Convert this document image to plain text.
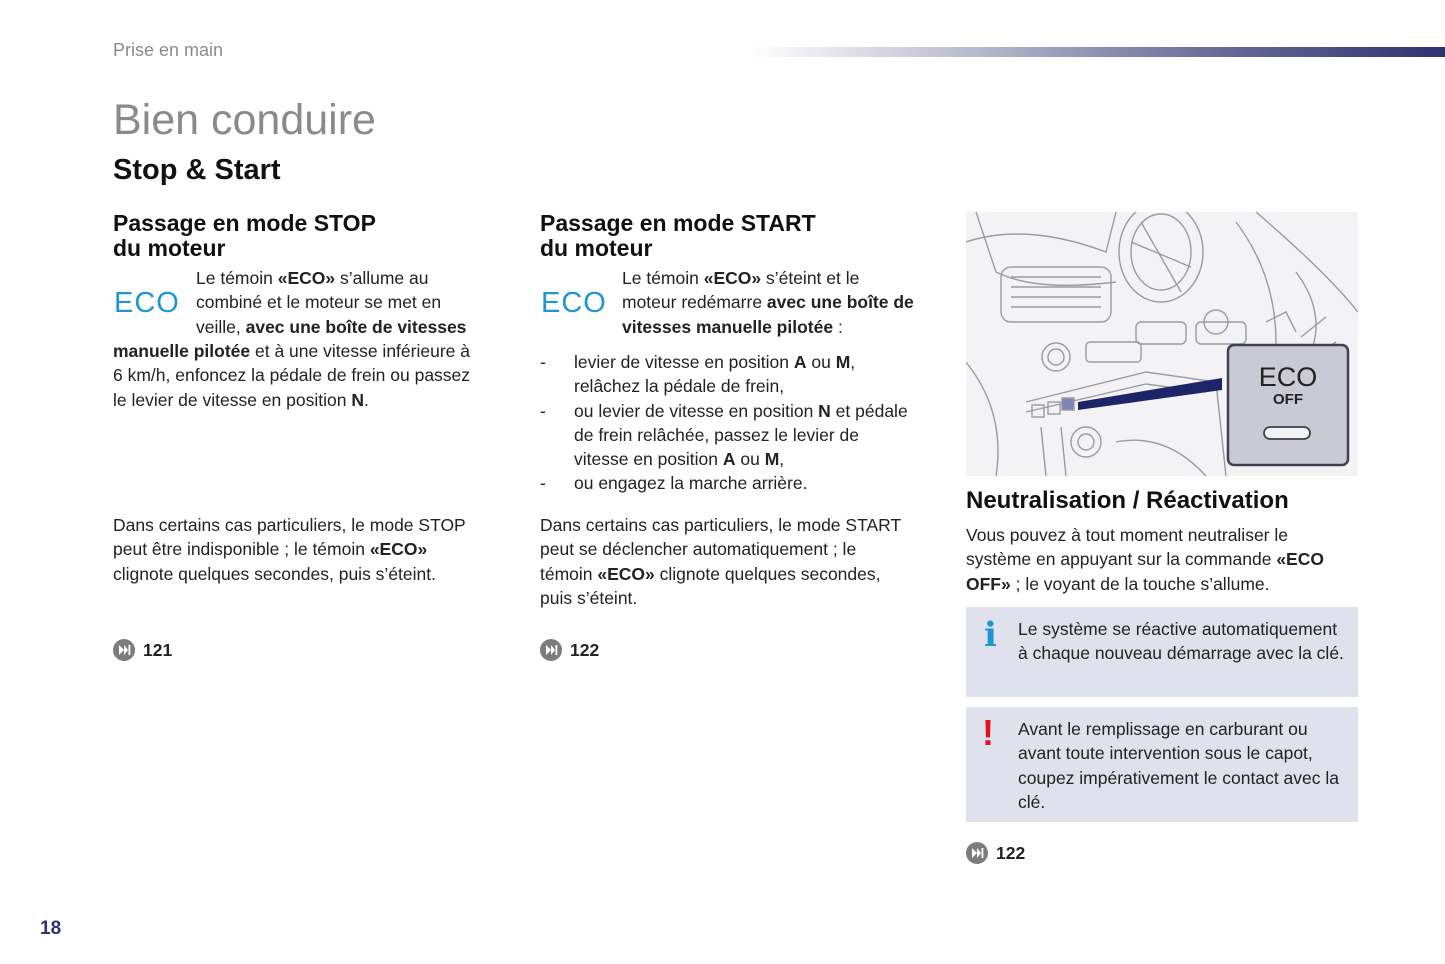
Prise en main
Bien conduire
Stop & Start
Passage en mode STOP
du moteur
ECO
Le témoin «ECO» s’allume au
combiné et le moteur se met en
veille, avec une boîte de vitesses
manuelle pilotée et à une vitesse inférieure à
6 km/h, enfoncez la pédale de frein ou passez
le levier de vitesse en position N.
Dans certains cas particuliers, le mode STOP
peut être indisponible ; le témoin «ECO»
clignote quelques secondes, puis s’éteint.
121
Passage en mode START
du moteur
ECO
Le témoin «ECO» s’éteint et le
moteur redémarre avec une boîte de
vitesses manuelle pilotée :
- levier de vitesse en position A ou M,
relâchez la pédale de frein,
- ou levier de vitesse en position N et pédale
de frein relâchée, passez le levier de
vitesse en position A ou M,
- ou engagez la marche arrière.
Dans certains cas particuliers, le mode START
peut se déclencher automatiquement ; le
témoin «ECO» clignote quelques secondes,
puis s’éteint.
122
ECO
OFF
Neutralisation / Réactivation
Vous pouvez à tout moment neutraliser le
système en appuyant sur la commande «ECO
OFF» ; le voyant de la touche s’allume.
i Le système se réactive automatiquement à chaque nouveau démarrage avec la clé.
! Avant le remplissage en carburant ou avant toute intervention sous le capot, coupez impérativement le contact avec la clé.
122
18
